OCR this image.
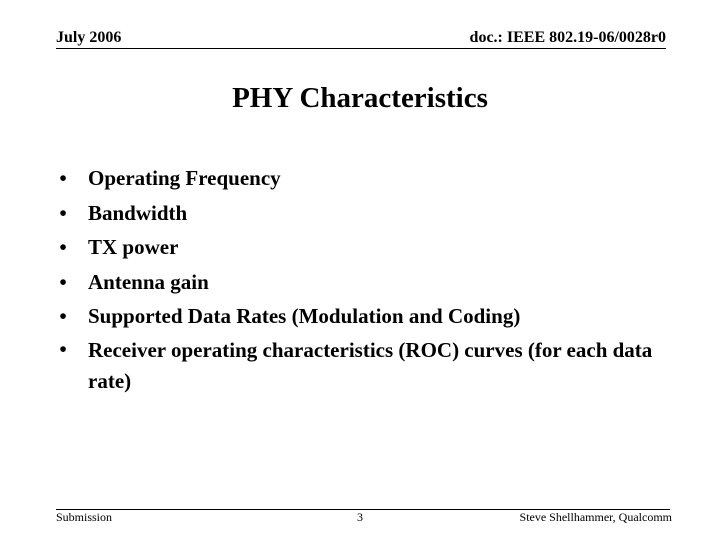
July 2006	doc.: IEEE 802.19-06/0028r0
PHY Characteristics
• Operating Frequency
• Bandwidth
• TX power
• Antenna gain
• Supported Data Rates (Modulation and Coding)
• Receiver operating characteristics (ROC) curves (for each data rate)
Submission	3	Steve Shellhammer, Qualcomm
